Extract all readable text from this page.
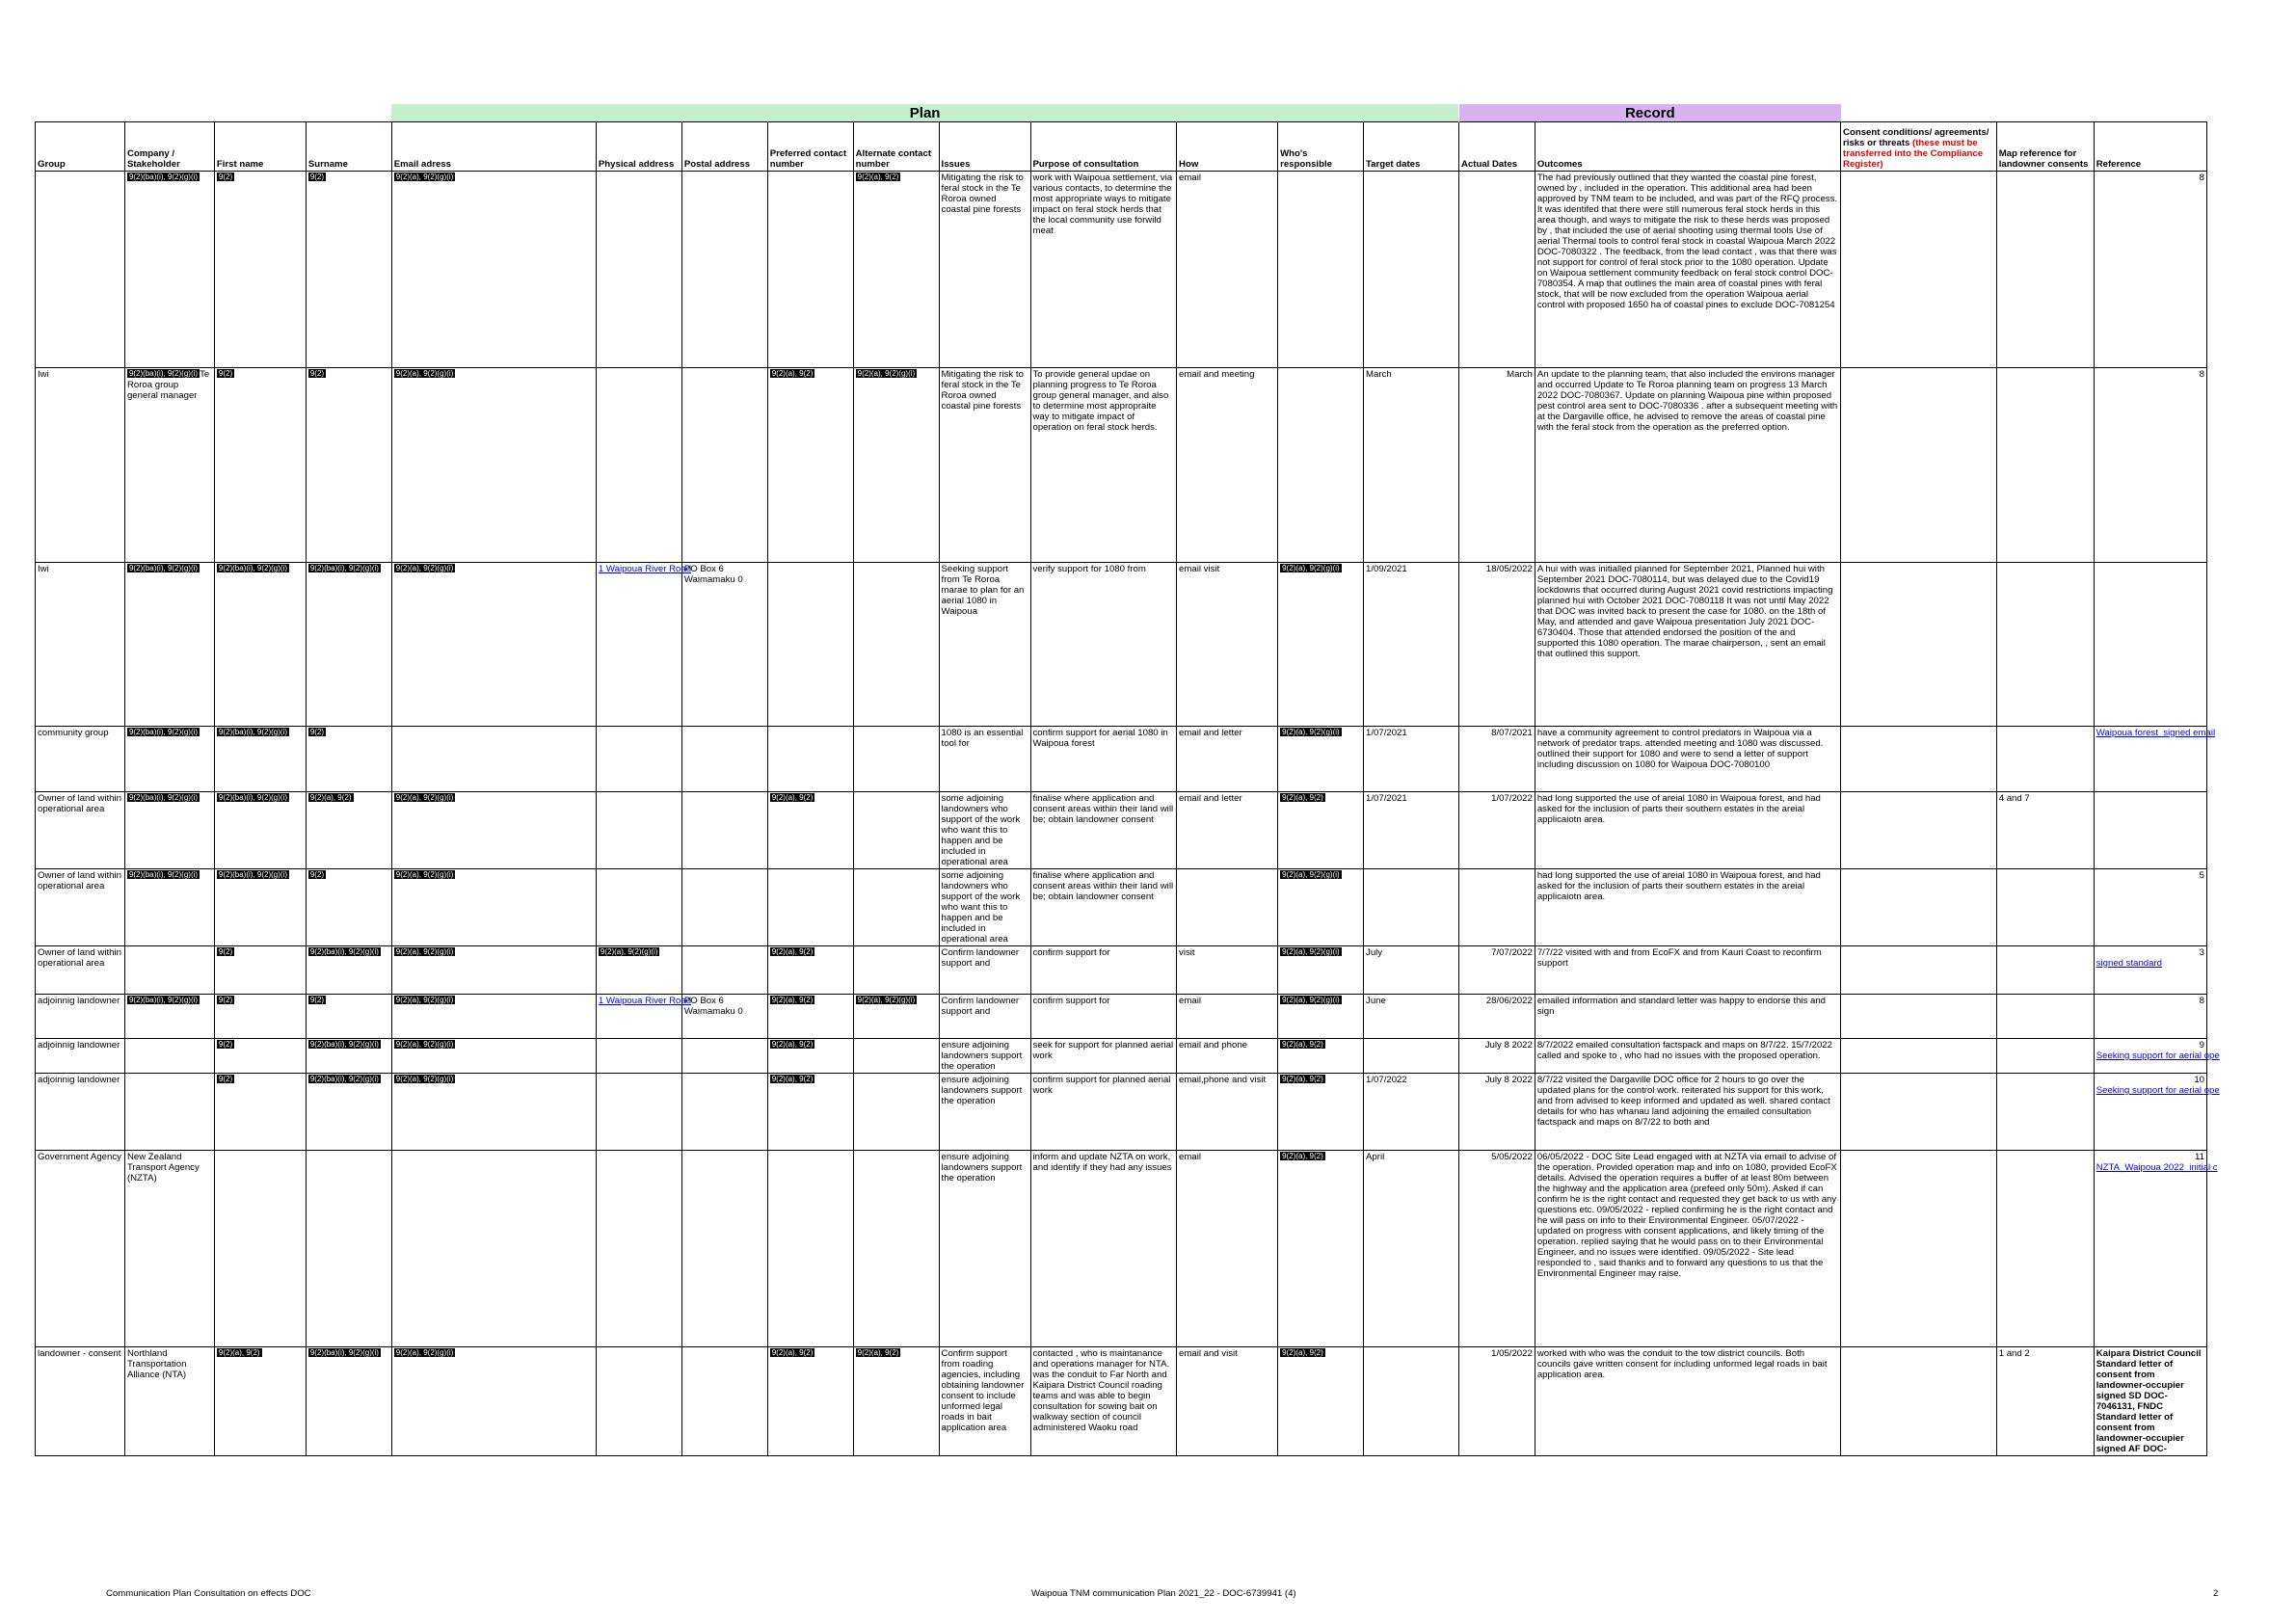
				Plan										Record				
Group	Company / Stakeholder	First name	Surname	Email adress	Physical address	Postal address	Preferred contact number	Alternate contact number	Issues	Purpose of consultation	How	Who's responsible	Target dates	Actual Dates	Outcomes	Consent conditions/ agreements/ risks or threats (these must be transferred into the Compliance Register)	Map reference for landowner consents	Reference
	9(2)(ba)(i), 9(2)(g)(i)	9(2)	9(2)	9(2)(a), 9(2)(g)(i)				9(2)(a), 9(2)	Mitigating the risk to feral stock in the Te Roroa owned coastal pine forests	work with Waipoua settlement, via various contacts, to determine the most appropriate ways to mitigate impact on feral stock herds that the local community use forwild meat	email				The had previously outlined that they wanted the coastal pine forest, owned by , included in the operation. This additional area had been approved by TNM team to be included, and was part of the RFQ process. It was identifed that there were still numerous feral stock herds in this area though, and ways to mitigate the risk to these herds was proposed by , that included the use of aerial shooting using thermal tools Use of aerial Thermal tools to control feral stock in coastal Waipoua March 2022 DOC-7080322 . The feedback, from the lead contact , was that there was not support for control of feral stock prior to the 1080 operation. Update on Waipoua settlement community feedback on feral stock control DOC-7080354. A map that outlines the main area of coastal pines with feral stock, that will be now excluded from the operation Waipoua aerial control with proposed 1650 ha of coastal pines to exclude DOC-7081254			8

Iwi	9(2)(ba)(i), 9(2)(g)(i) Te Roroa group general manager	9(2)	9(2)	9(2)(a), 9(2)(g)(i)			9(2)(a), 9(2)	9(2)(a), 9(2)(g)(i)	Mitigating the risk to feral stock in the Te Roroa owned coastal pine forests	To provide general updae on planning progress to Te Roroa group general manager, and also to determine most appropraite way to mitigate impact of operation on feral stock herds.	email and meeting		March	March	An update to the planning team, that also included the environs manager and occurred Update to Te Roroa planning team on progress 13 March 2022 DOC-7080367. Update on planning Waipoua pine within proposed pest control area sent to DOC-7080336 . after a subsequent meeting with at the Dargaville office, he advised to remove the areas of coastal pine with the feral stock from the operation as the preferred option.			8

Iwi	9(2)(ba)(i), 9(2)(g)(i)	9(2)(ba)(i), 9(2)(g)(i)	9(2)(ba)(i), 9(2)(g)(i)	9(2)(a), 9(2)(g)(i)	1 Waipoua River Road	PO Box 6 Waimamaku 0			Seeking support from Te Roroa marae to plan for an aerial 1080 in Waipoua	verify support for 1080 from	email visit	9(2)(a), 9(2)(g)(i)	1/09/2021	18/05/2022	A hui with was initialled planned for September 2021, Planned hui with September 2021 DOC-7080114, but was delayed due to the Covid19 lockdowns that occurred during August 2021 covid restrictions impacting planned hui with October 2021 DOC-7080118 It was not until May 2022 that DOC was invited back to present the case for 1080. on the 18th of May, and attended and gave Waipoua presentation July 2021 DOC-6730404. Those that attended endorsed the position of the and supported this 1080 operation. The marae chairperson, , sent an email that outlined this support.			

community group	9(2)(ba)(i), 9(2)(g)(i)	9(2)(ba)(i), 9(2)(g)(i)	9(2)						1080 is an essential tool for	confirm support for aerial 1080 in Waipoua forest	email and letter	9(2)(a), 9(2)(g)(i)	1/07/2021	8/07/2021	have a community agreement to control predators in Waipoua via a network of predator traps. attended meeting and 1080 was discussed. outlined their support for 1080 and were to send a letter of support including discussion on 1080 for Waipoua DOC-7080100			Waipoua forest_signed email
Owner of land within operational area	9(2)(ba)(i), 9(2)(g)(i)	9(2)(ba)(i), 9(2)(g)(i)	9(2)(a), 9(2)	9(2)(a), 9(2)(g)(i)			9(2)(a), 9(2)		some adjoining landowners who support of the work who want this to happen and be included in operational area	finalise where application and consent areas within their land will be; obtain landowner consent	email and letter	9(2)(a), 9(2)	1/07/2021	1/07/2022	had long supported the use of areial 1080 in Waipoua forest, and had asked for the inclusion of parts their southern estates in the areial applicaiotn area.		4 and 7	

Owner of land within operational area	9(2)(ba)(i), 9(2)(g)(i)	9(2)(ba)(i), 9(2)(g)(i)	9(2)	9(2)(a), 9(2)(g)(i)					some adjoining landowners who support of the work who want this to happen and be included in operational area	finalise where application and consent areas within their land will be; obtain landowner consent		9(2)(a), 9(2)(g)(i)			had long supported the use of areial 1080 in Waipoua forest, and had asked for the inclusion of parts their southern estates in the areial applicaiotn area.			5

Owner of land within operational area		9(2)	9(2)(ba)(i), 9(2)(g)(i)	9(2)(a), 9(2)(g)(i)	9(2)(a), 9(2)(g)(i)		9(2)(a), 9(2)		Confirm landowner support and	confirm support for	visit	9(2)(a), 9(2)(g)(i)	July	7/07/2022	7/7/22 visited with and from EcoFX and from Kauri Coast to reconfirm support			3
signed standard
adjoinnig landowner	9(2)(ba)(i), 9(2)(g)(i)	9(2)	9(2)	9(2)(a), 9(2)(g)(i)	1 Waipoua River Road	PO Box 6 Waimamaku 0	9(2)(a), 9(2)	9(2)(a), 9(2)(g)(i)	Confirm landowner support and	confirm support for	email	9(2)(a), 9(2)(g)(i)	June	28/06/2022	emailed information and standard letter was happy to endorse this and sign			8

adjoinnig landowner		9(2)	9(2)(ba)(i), 9(2)(g)(i)	9(2)(a), 9(2)(g)(i)			9(2)(a), 9(2)		ensure adjoining landowners support the operation	seek for support for planned aerial work	email and phone	9(2)(a), 9(2)		July 8 2022	8/7/2022 emailed consultation factspack and maps on 8/7/22. 15/7/2022 called and spoke to , who had no issues with the proposed operation.			9
Seeking support for aerial ope
adjoinnig landowner		9(2)	9(2)(ba)(i), 9(2)(g)(i)	9(2)(a), 9(2)(g)(i)			9(2)(a), 9(2)		ensure adjoining landowners support the operation	confirm support for planned aerial work	email,phone and visit	9(2)(a), 9(2)	1/07/2022	July 8 2022	8/7/22 visited the Dargaville DOC office for 2 hours to go over the updated plans for the control work. reiterated his support for this work, and from advised to keep informed and updated as well. shared contact details for who has whanau land adjoining the emailed consultation factspack and maps on 8/7/22 to both and			10
Seeking support for aerial ope
Government Agency	New Zealand Transport Agency (NZTA)								ensure adjoining landowners support the operation	inform and update NZTA on work, and identify if they had any issues	email	9(2)(a), 9(2)	April	5/05/2022	06/05/2022 - DOC Site Lead engaged with at NZTA via email to advise of the operation. Provided operation map and info on 1080, provided EcoFX details. Advised the operation requires a buffer of at least 80m between the highway and the application area (prefeed only 50m). Asked if can confirm he is the right contact and requested they get back to us with any questions etc. 09/05/2022 - replied confirming he is the right contact and he will pass on info to their Environmental Engineer. 05/07/2022 - updated on progress with consent applications, and likely timing of the operation. replied saying that he would pass on to their Environmental Engineer, and no issues were identified. 09/05/2022 - Site lead responded to , said thanks and to forward any questions to us that the Environmental Engineer may raise.			11
NZTA_Waipoua 2022_initial c
landowner - consent	Northland Transportation Alliance (NTA)	9(2)(a), 9(2)	9(2)(ba)(i), 9(2)(g)(i)	9(2)(a), 9(2)(g)(i)			9(2)(a), 9(2)	9(2)(a), 9(2)	Confirm support from roading agencies, including obtaining landowner consent to include unformed legal roads in bait application area	contacted , who is maintanance and operations manager for NTA. was the conduit to Far North and Kaipara District Council roading teams and was able to begin consultation for sowing bait on walkway section of council administered Waoku road	email and visit	9(2)(a), 9(2)		1/05/2022	worked with who was the conduit to the tow district councils. Both councils gave written consent for including unformed legal roads in bait application area.		1 and 2	Kaipara District Council Standard letter of consent from landowner-occupier signed SD DOC-7046131, FNDC Standard letter of consent from landowner-occupier signed AF DOC-
Communication Plan Consultation on effects DOC	Waipoua TNM communication Plan 2021_22 - DOC-6739941 (4)	2
